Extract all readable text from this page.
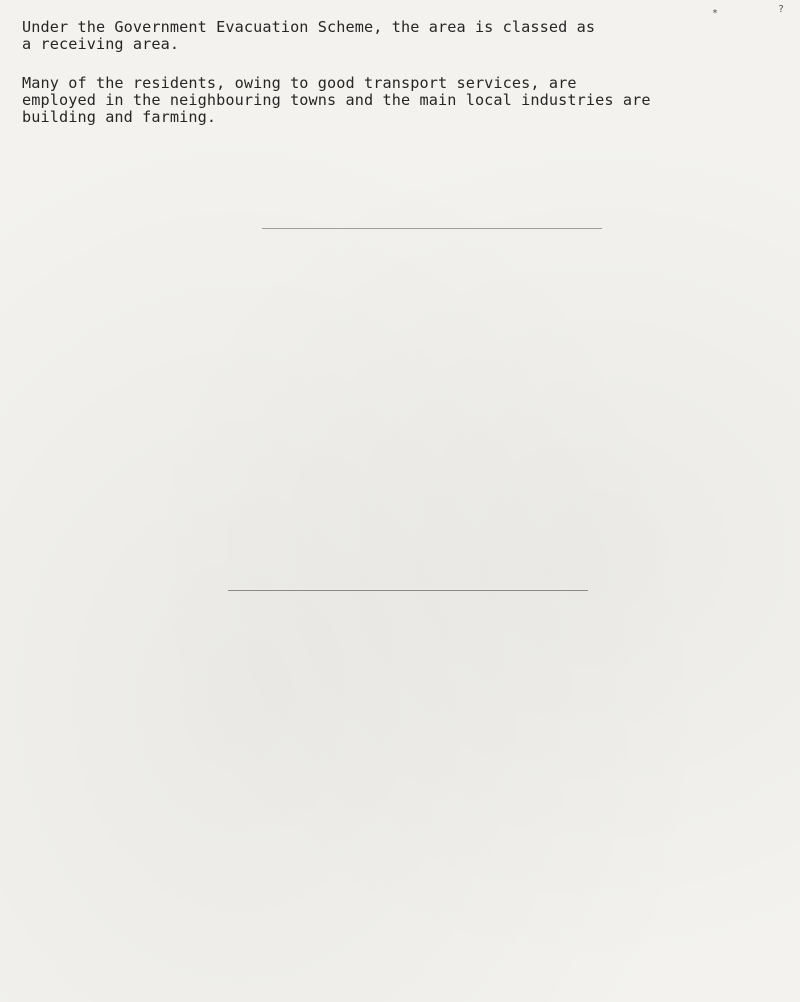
*	?

Under the Government Evacuation Scheme, the area is classed as
a receiving area.

Many of the residents, owing to good transport services, are
employed in the neighbouring towns and the main local industries are
building and farming.
